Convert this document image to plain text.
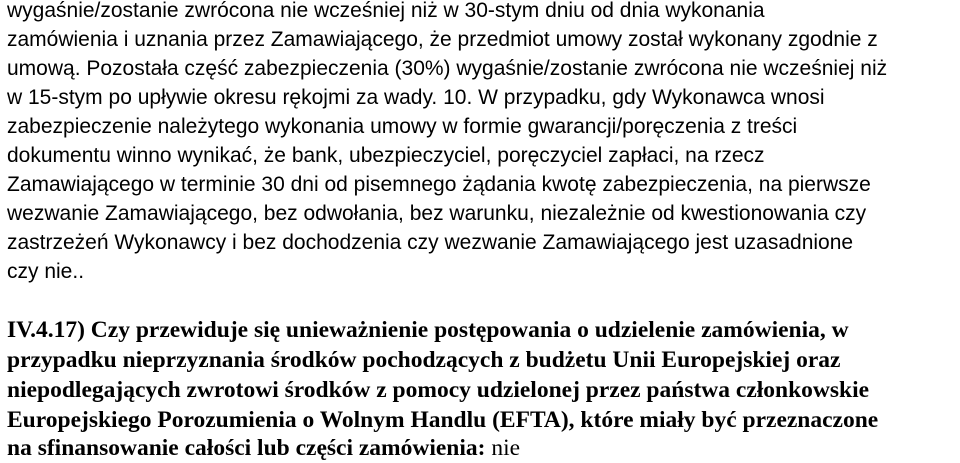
wygaśnie/zostanie zwrócona nie wcześniej niż w 30-stym dniu od dnia wykonania
zamówienia i uznania przez Zamawiającego, że przedmiot umowy został wykonany zgodnie z
umową. Pozostała część zabezpieczenia (30%) wygaśnie/zostanie zwrócona nie wcześniej niż
w 15-stym po upływie okresu rękojmi za wady. 10. W przypadku, gdy Wykonawca wnosi
zabezpieczenie należytego wykonania umowy w formie gwarancji/poręczenia z treści
dokumentu winno wynikać, że bank, ubezpieczyciel, poręczyciel zapłaci, na rzecz
Zamawiającego w terminie 30 dni od pisemnego żądania kwotę zabezpieczenia, na pierwsze
wezwanie Zamawiającego, bez odwołania, bez warunku, niezależnie od kwestionowania czy
zastrzeżeń Wykonawcy i bez dochodzenia czy wezwanie Zamawiającego jest uzasadnione
czy nie..
IV.4.17) Czy przewiduje się unieważnienie postępowania o udzielenie zamówienia, w
przypadku nieprzyznania środków pochodzących z budżetu Unii Europejskiej oraz
niepodlegających zwrotowi środków z pomocy udzielonej przez państwa członkowskie
Europejskiego Porozumienia o Wolnym Handlu (EFTA), które miały być przeznaczone
na sfinansowanie całości lub części zamówienia: nie
